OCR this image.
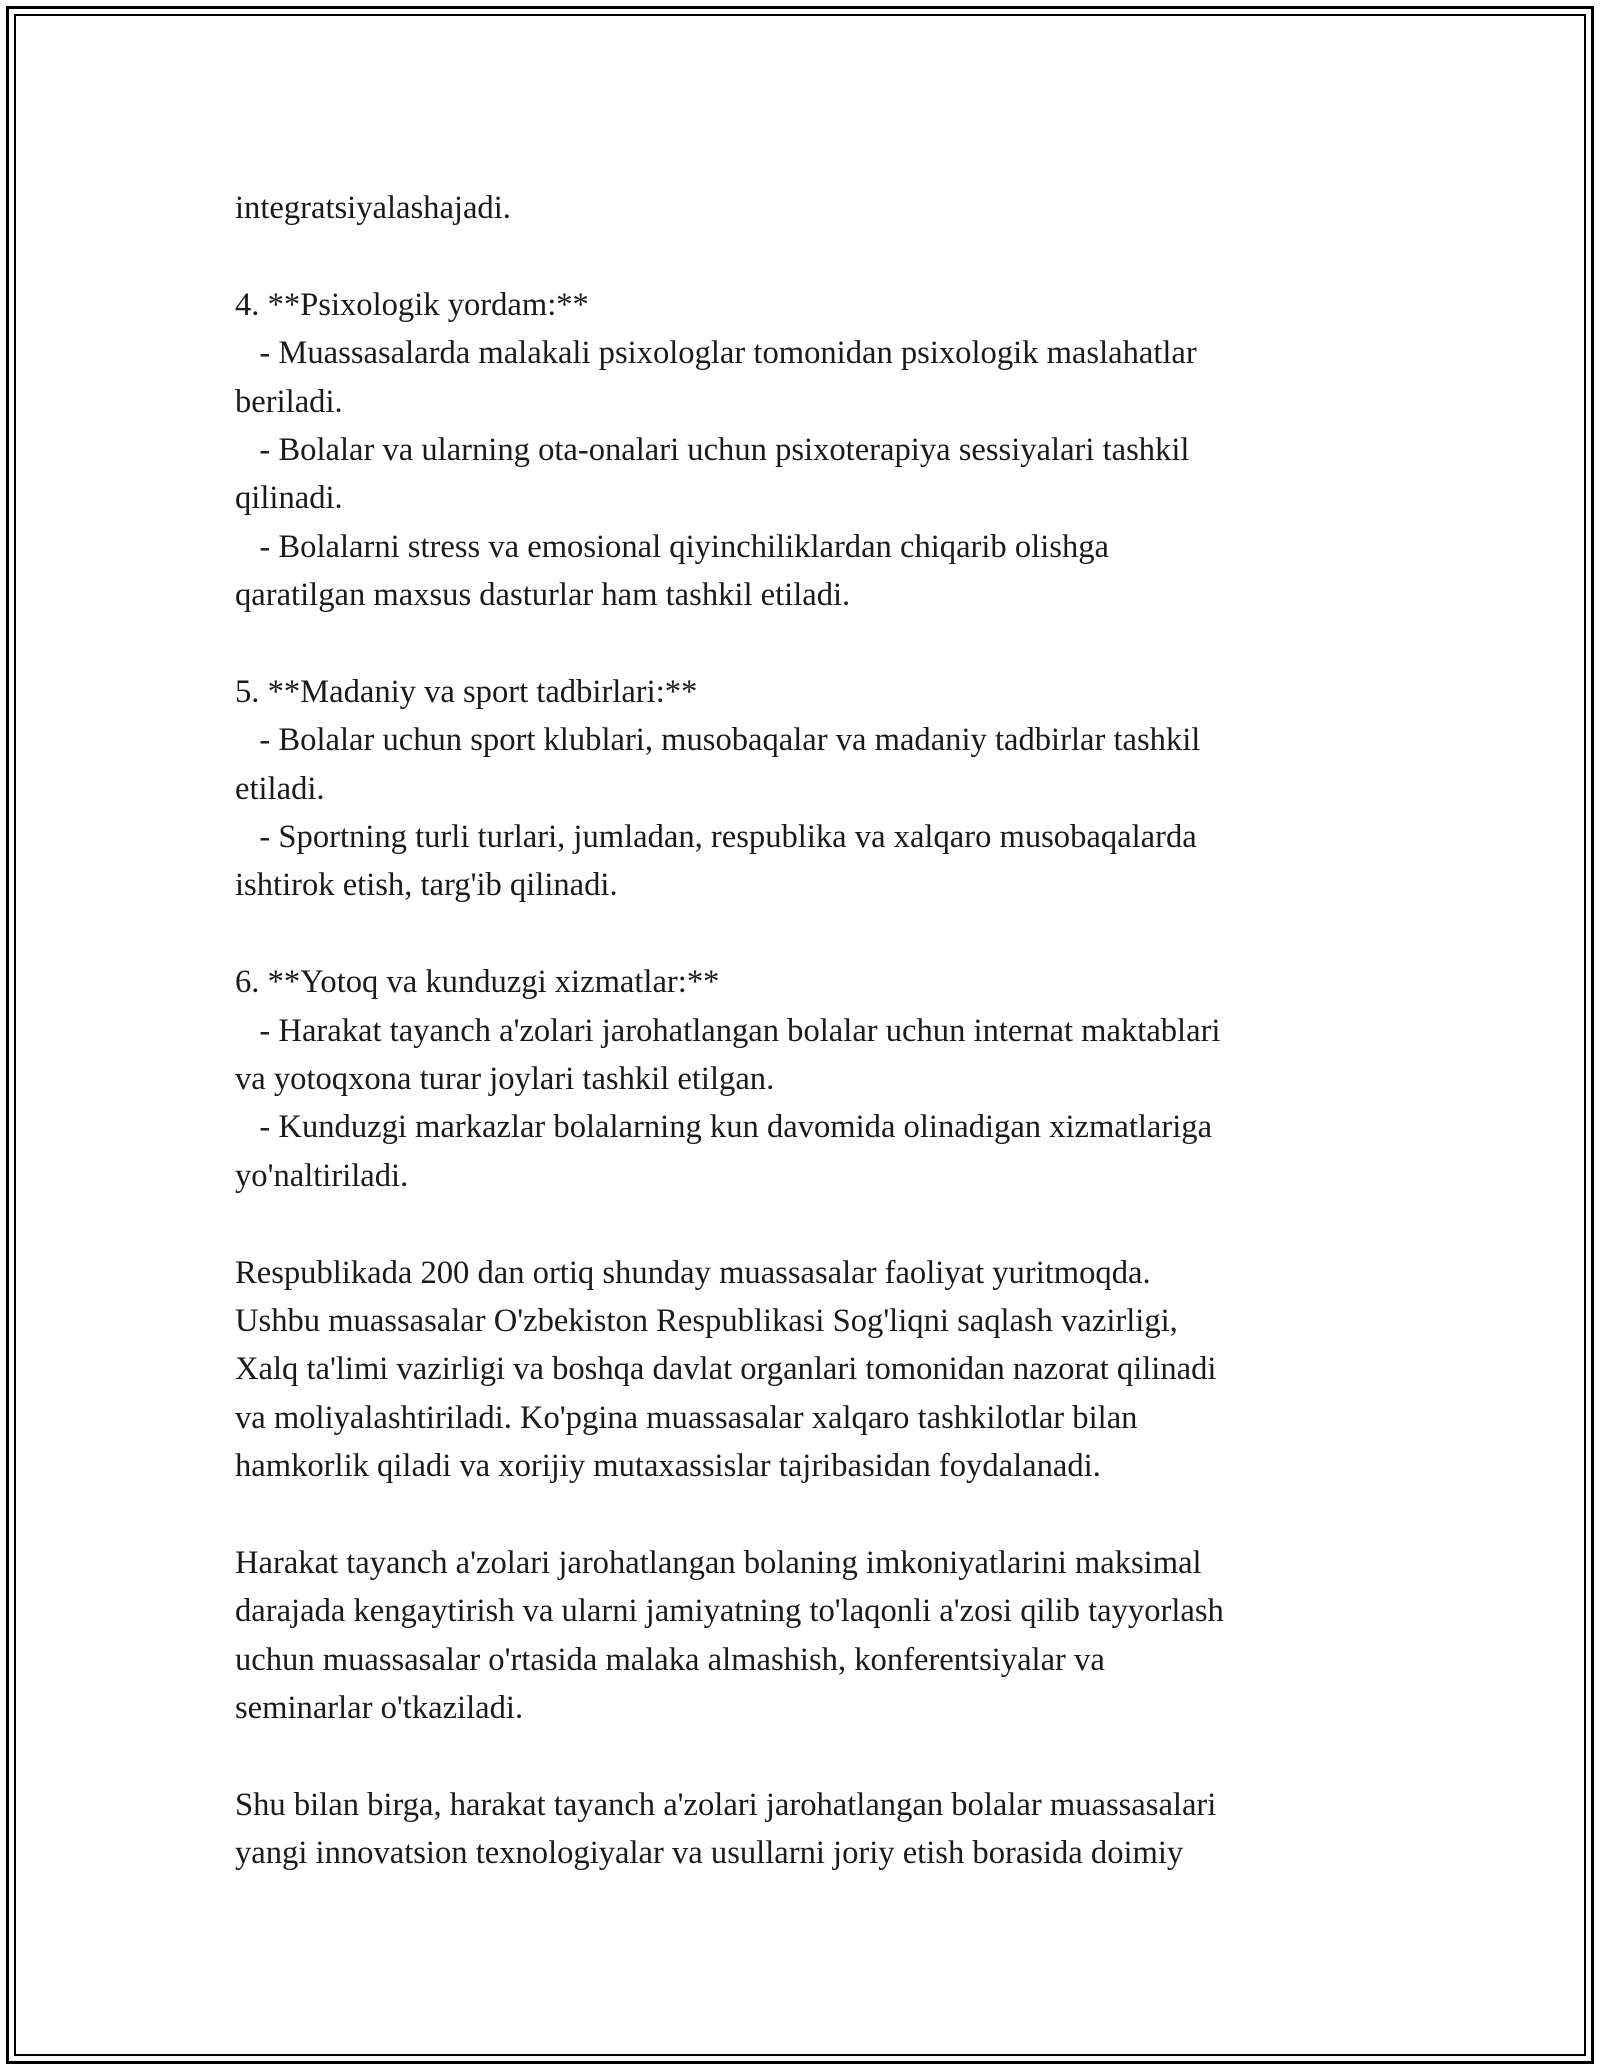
integratsiyalashajadi.
4. **Psixologik yordam:**
- Muassasalarda malakali psixologlar tomonidan psixologik maslahatlar
beriladi.
- Bolalar va ularning ota-onalari uchun psixoterapiya sessiyalari tashkil
qilinadi.
- Bolalarni stress va emosional qiyinchiliklardan chiqarib olishga
qaratilgan maxsus dasturlar ham tashkil etiladi.
5. **Madaniy va sport tadbirlari:**
- Bolalar uchun sport klublari, musobaqalar va madaniy tadbirlar tashkil
etiladi.
- Sportning turli turlari, jumladan, respublika va xalqaro musobaqalarda
ishtirok etish, targ'ib qilinadi.
6. **Yotoq va kunduzgi xizmatlar:**
- Harakat tayanch a'zolari jarohatlangan bolalar uchun internat maktablari
va yotoqxona turar joylari tashkil etilgan.
- Kunduzgi markazlar bolalarning kun davomida olinadigan xizmatlariga
yo'naltiriladi.
Respublikada 200 dan ortiq shunday muassasalar faoliyat yuritmoqda.
Ushbu muassasalar O'zbekiston Respublikasi Sog'liqni saqlash vazirligi,
Xalq ta'limi vazirligi va boshqa davlat organlari tomonidan nazorat qilinadi
va moliyalashtiriladi. Ko'pgina muassasalar xalqaro tashkilotlar bilan
hamkorlik qiladi va xorijiy mutaxassislar tajribasidan foydalanadi.
Harakat tayanch a'zolari jarohatlangan bolaning imkoniyatlarini maksimal
darajada kengaytirish va ularni jamiyatning to'laqonli a'zosi qilib tayyorlash
uchun muassasalar o'rtasida malaka almashish, konferentsiyalar va
seminarlar o'tkaziladi.
Shu bilan birga, harakat tayanch a'zolari jarohatlangan bolalar muassasalari
yangi innovatsion texnologiyalar va usullarni joriy etish borasida doimiy
